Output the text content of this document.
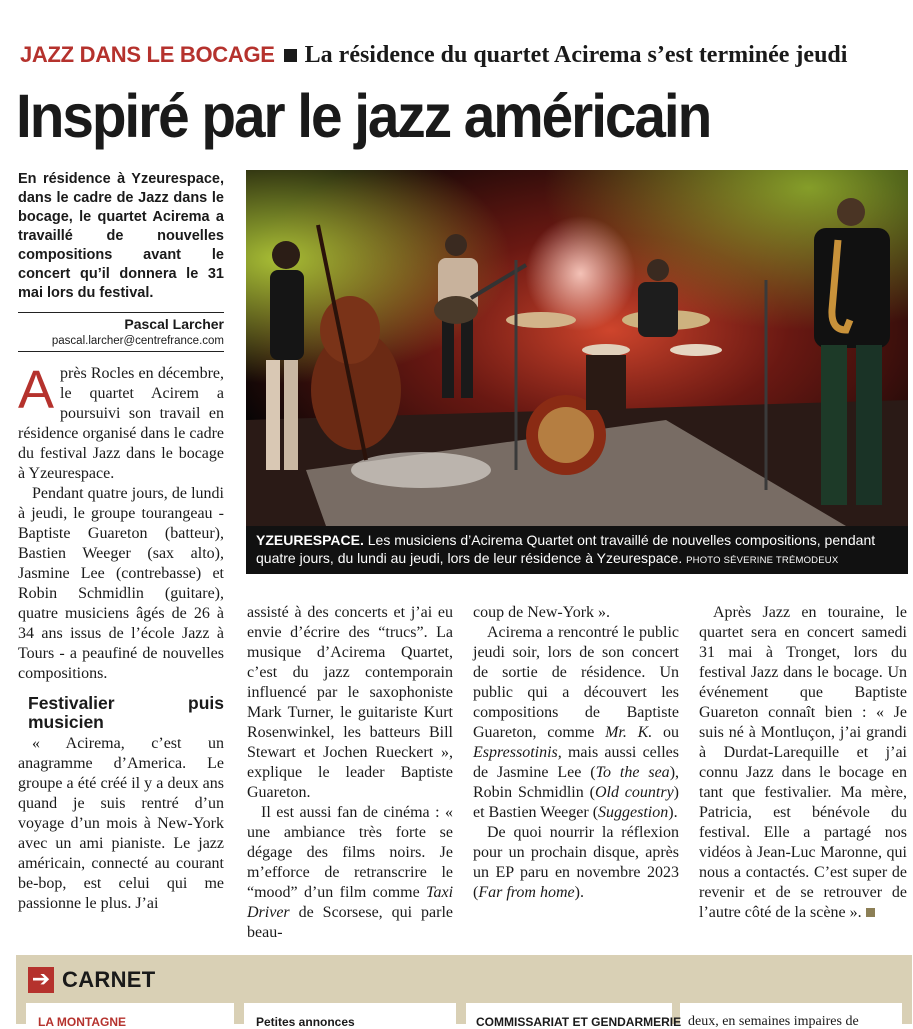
JAZZ DANS LE BOCAGE La résidence du quartet Acirema s’est terminée jeudi
Inspiré par le jazz américain

En résidence à Yzeurespace, dans le cadre de Jazz dans le bocage, le quartet Acirema a travaillé de nouvelles compositions avant le concert qu’il donnera le 31 mai lors du festival.

Pascal Larcher
pascal.larcher@centrefrance.com

Après Rocles en décembre, le quartet Acirem a poursuivi son travail en résidence organisé dans le cadre du festival Jazz dans le bocage à Yzeurespace.

Pendant quatre jours, de lundi à jeudi, le groupe tourangeau - Baptiste Guareton (batteur), Bastien Weeger (sax alto), Jasmine Lee (contrebasse) et Robin Schmidlin (guitare), quatre musiciens âgés de 26 à 34 ans issus de l’école Jazz à Tours - a peaufiné de nouvelles compositions.

Festivalier puis musicien

« Acirema, c’est un anagramme d’America. Le groupe a été créé il y a deux ans quand je suis rentré d’un voyage d’un mois à New-York avec un ami pianiste. Le jazz américain, connecté au courant be-bop, est celui qui me passionne le plus. J’ai

YZEURESPACE. Les musiciens d’Acirema Quartet ont travaillé de nouvelles compositions, pendant quatre jours, du lundi au jeudi, lors de leur résidence à Yzeurespace. PHOTO SÉVERINE TRÉMODEUX

assisté à des concerts et j’ai eu envie d’écrire des “trucs”. La musique d’Acirema Quartet, c’est du jazz contemporain influencé par le saxophoniste Mark Turner, le guitariste Kurt Rosenwinkel, les batteurs Bill Stewart et Jochen Rueckert », explique le leader Baptiste Guareton.

Il est aussi fan de cinéma : « une ambiance très forte se dégage des films noirs. Je m’efforce de retranscrire le “mood” d’un film comme Taxi Driver de Scorsese, qui parle beau-

coup de New-York ».

Acirema a rencontré le public jeudi soir, lors de son concert de sortie de résidence. Un public qui a découvert les compositions de Baptiste Guareton, comme Mr. K. ou Espressotinis, mais aussi celles de Jasmine Lee (To the sea), Robin Schmidlin (Old country) et Bastien Weeger (Suggestion).

De quoi nourrir la réflexion pour un prochain disque, après un EP paru en novembre 2023 (Far from home).

Après Jazz en touraine, le quartet sera en concert samedi 31 mai à Tronget, lors du festival Jazz dans le bocage. Un événement que Baptiste Guareton connaît bien : « Je suis né à Montluçon, j’ai grandi à Durdat-Larequille et j’ai connu Jazz dans le bocage en tant que festivalier. Ma mère, Patricia, est bénévole du festival. Elle a partagé nos vidéos à Jean-Luc Maronne, qui nous a contactés. C’est super de revenir et de se retrouver de l’autre côté de la scène ».

➔ CARNET
LA MONTAGNE	Petites annonces	COMMISSARIAT ET GENDARMERIE deux, en semaines impaires de
